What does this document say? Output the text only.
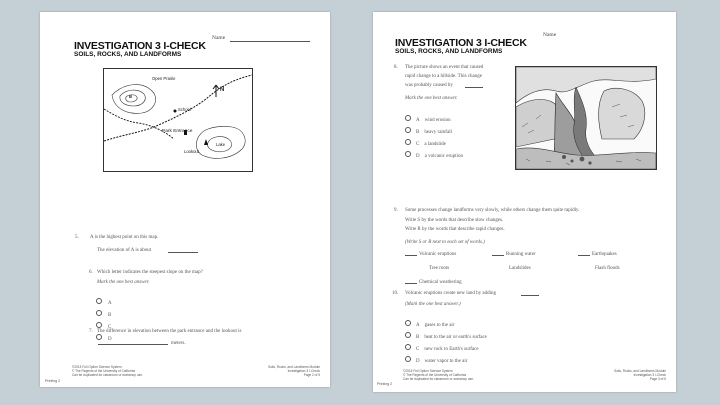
Name
INVESTIGATION 3 I-CHECK
SOILS, ROCKS, AND LANDFORMS
Open Prairie
School
Park Entrance
Lookout
Lake
B
N
5. A is the highest point on this map.
The elevation of A is about
6. Which letter indicates the steepest slope on the map?
Mark the one best answer.
A
B
C
D
7. The difference in elevation between the park entrance and the lookout is
meters.
Printing 2
©2015 Full Option Science System
© The Regents of the University of California
Can be duplicated for classroom or workshop use.
Soils, Rocks, and Landforms Module
Investigation 3 I-Check
Page 2 of 5
Name
INVESTIGATION 3 I-CHECK
SOILS, ROCKS, AND LANDFORMS
8. The picture shows an event that caused
rapid change to a hillside. This change
was probably caused by
Mark the one best answer.
A wind erosion
B heavy rainfall
C a landslide
D a volcanic eruption
9. Some processes change landforms very slowly, while others change them quite rapidly.
Write S by the words that describe slow changes.
Write R by the words that describe rapid changes.
(Write S or R next to each set of words.)
Volcanic eruptions	Running water	Earthquakes
Tree roots	Landslides	Flash floods
Chemical weathering
10. Volcanic eruptions create new land by adding
(Mark the one best answer.)
A gases to the air
B heat to the air or earth's surface
C new rock to Earth's surface
D water vapor to the air
Printing 2
©2015 Full Option Science System
© The Regents of the University of California
Can be duplicated for classroom or workshop use.
Soils, Rocks, and Landforms Module
Investigation 3 I-Check
Page 3 of 5
